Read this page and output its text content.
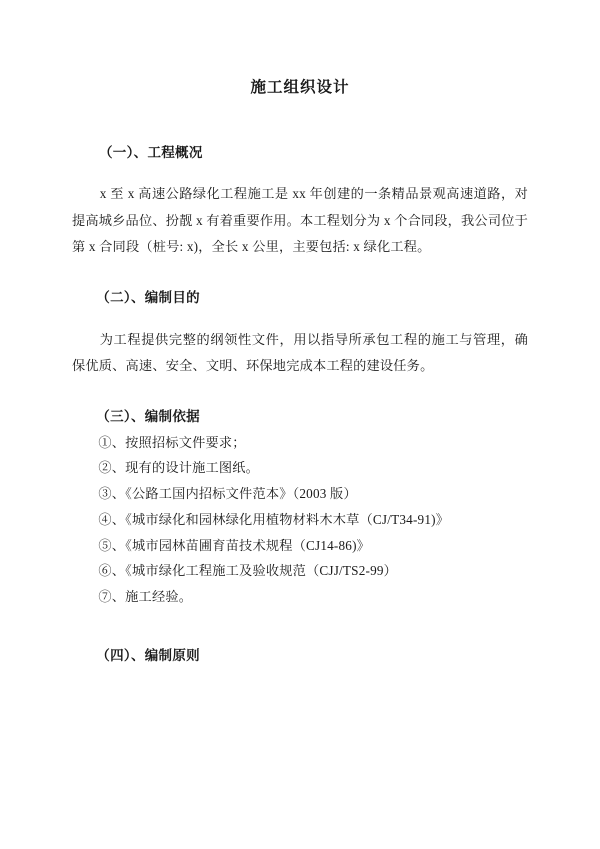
施工组织设计
（一）、工程概况
x 至 x 高速公路绿化工程施工是 xx 年创建的一条精品景观高速道路，对提高城乡品位、扮靓 x 有着重要作用。本工程划分为 x 个合同段，我公司位于第 x 合同段（桩号: x)，全长 x 公里，主要包括: x 绿化工程。
（二）、编制目的
为工程提供完整的纲领性文件，用以指导所承包工程的施工与管理，确保优质、高速、安全、文明、环保地完成本工程的建设任务。
（三）、编制依据
①、按照招标文件要求；
②、现有的设计施工图纸。
③、《公路工国内招标文件范本》（2003 版）
④、《城市绿化和园林绿化用植物材料木木草（CJ/T34-91)》
⑤、《城市园林苗圃育苗技术规程（CJ14-86)》
⑥、《城市绿化工程施工及验收规范（CJJ/TS2-99）
⑦、施工经验。
（四）、编制原则
